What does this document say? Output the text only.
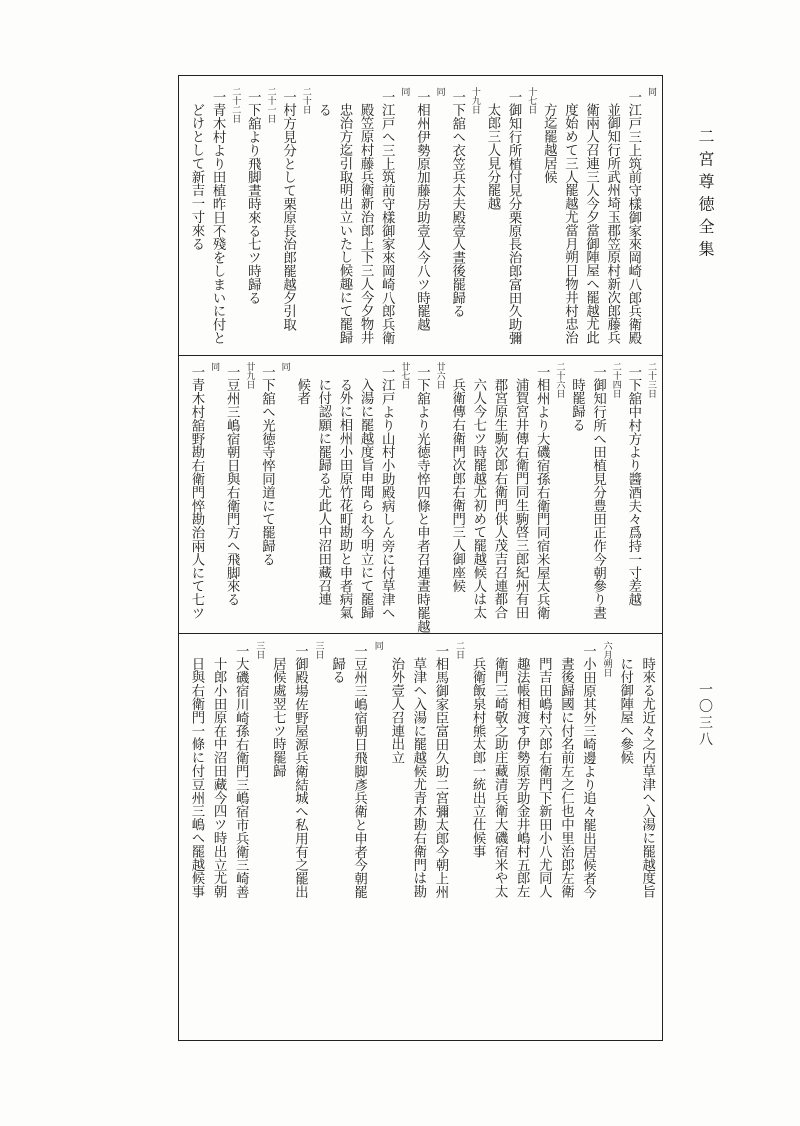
二宮尊徳全集
一〇三八
同
一江戸三上筑前守樣御家來岡崎八郎兵衛殿
並御知行所武州埼玉郡笠原村新次郎藤兵
衛兩人召連三人今夕當御陣屋へ罷越尤此
度始めて三人罷越尤當月朔日物井村忠治
方迄罷越居候
十七日
一御知行所植付見分栗原長治郎富田久助彌
太郎三人見分罷越
十九日
一下舘へ衣笠兵太夫殿壹人晝後罷歸る
同
一相州伊勢原加藤房助壹人今八ツ時罷越
同
一江戸へ三上筑前守樣御家來岡崎八郎兵衛
殿笠原村藤兵衛新治郎上下三人今夕物井
忠治方迄引取明出立いたし候趣にて罷歸
る
二十日
一村方見分として栗原長治郎罷越夕引取
二十一日
一下舘より飛脚晝時來る七ツ時歸る
二十二日
一青木村より田植昨日不殘をしまいに付と
どけとして新吉一寸來る
二十三日
一下舘中村方より醬酒夫々爲持一寸差越
二十四日
一御知行所へ田植見分豊田正作今朝參り晝
時罷歸る
二十六日
一相州より大磯宿孫右衛門同宿米屋太兵衛
浦賀宮井傳右衛門同生駒啓三郎紀州有田
郡宮原生駒次郎右衛門供人茂吉召連都合
六人今七ツ時罷越尤初めて罷越候人は太
兵衛傳右衛門次郎右衛門三人御座候
廿六日
一下舘より光徳寺悴四條と申者召連晝時罷越
廿七日
一江戸より山村小助殿病しん旁に付草津へ
入湯に罷越度旨申聞られ今明立にて罷歸
る外に相州小田原竹花町勘助と申者病氣
に付認願に罷歸る尤此人中沼田藏召連
候者
同
一下舘へ光徳寺悴同道にて罷歸る
廿九日
一豆州三嶋宿朝日與右衛門方へ飛脚來る
同
一青木村舘野勘右衛門悴勘治兩人にて七ツ
時來る尤近々之内草津へ入湯に罷越度旨
に付御陣屋へ參候
六月朔日
一小田原其外三崎邊より追々罷出居候者今
晝後歸國に付名前左之仁也中里治郎左衛
門吉田嶋村六郎右衛門下新田小八尤同人
趣法帳相渡す伊勢原芳助金井嶋村五郎左
衛門三崎敬之助庄藏清兵衛大磯宿米や太
兵衛飯泉村熊太郎一統出立仕候事
二日
一相馬御家臣富田久助二宮彌太郎今朝上州
草津へ入湯に罷越候尤青木勘右衛門は勘
治外壹人召連出立
同
一豆州三嶋宿朝日飛脚彥兵衛と申者今朝罷
歸る
三日
一御殿場佐野屋源兵衛結城へ私用有之罷出
居候處翌七ツ時罷歸
三日
一大磯宿川崎孫右衛門三嶋宿市兵衛三崎善
十郎小田原在中沼田藏今四ツ時出立尤朝
日與右衛門一條に付豆州三嶋へ罷越候事
